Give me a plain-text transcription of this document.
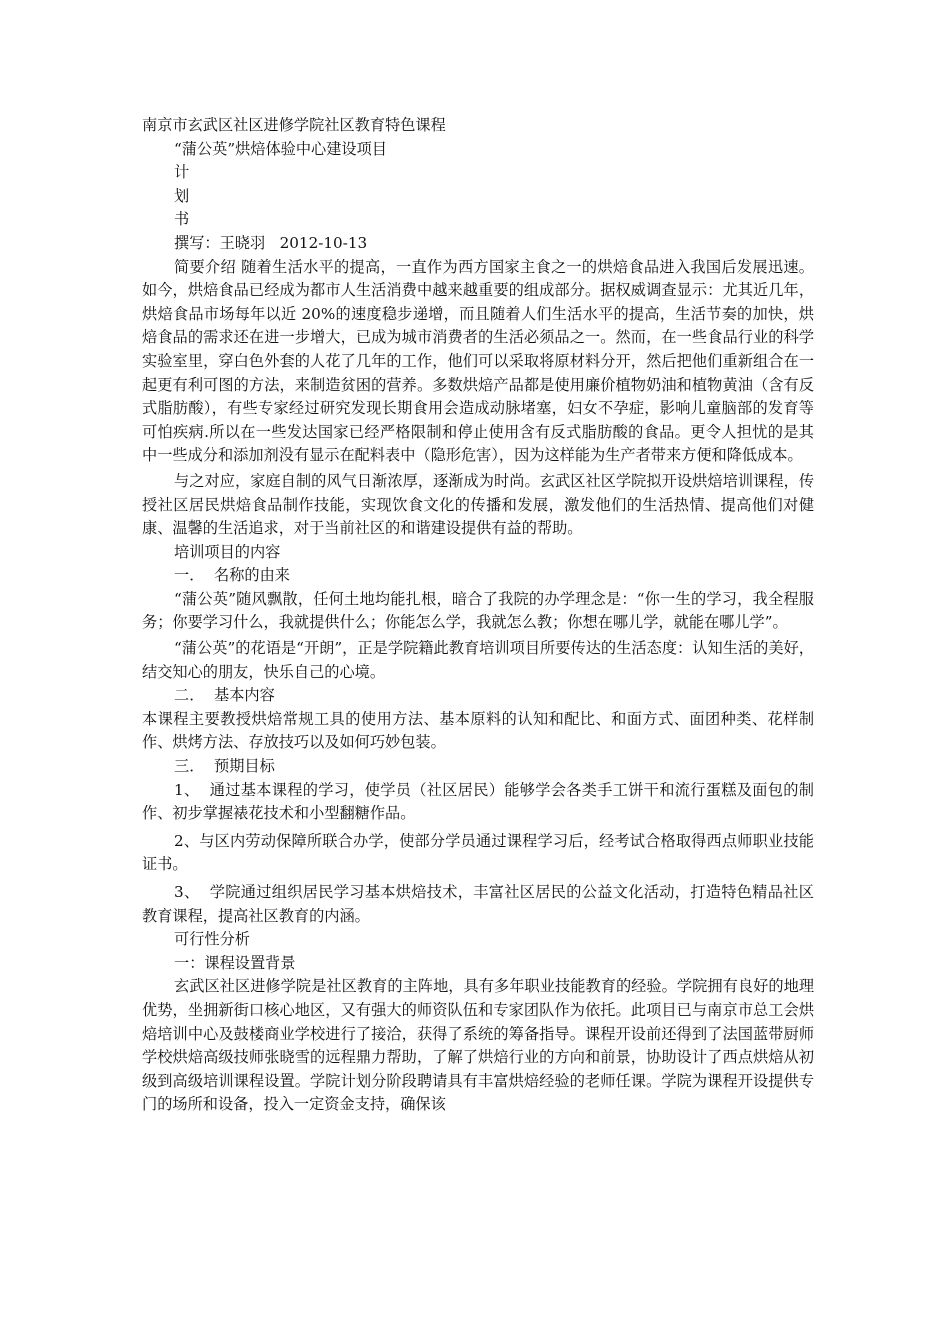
南京市玄武区社区进修学院社区教育特色课程

“蒲公英”烘焙体验中心建设项目

计

划

书

撰写：王晓羽   2012-10-13

简要介绍 随着生活水平的提高，一直作为西方国家主食之一的烘焙食品进入我国后发展迅速。如今，烘焙食品已经成为都市人生活消费中越来越重要的组成部分。据权威调查显示：尤其近几年，烘焙食品市场每年以近 20%的速度稳步递增，而且随着人们生活水平的提高，生活节奏的加快，烘焙食品的需求还在进一步增大，已成为城市消费者的生活必须品之一。然而，在一些食品行业的科学实验室里，穿白色外套的人花了几年的工作，他们可以采取将原材料分开，然后把他们重新组合在一起更有利可图的方法，来制造贫困的营养。多数烘焙产品都是使用廉价植物奶油和植物黄油（含有反式脂肪酸），有些专家经过研究发现长期食用会造成动脉堵塞，妇女不孕症，影响儿童脑部的发育等可怕疾病.所以在一些发达国家已经严格限制和停止使用含有反式脂肪酸的食品。更令人担忧的是其中一些成分和添加剂没有显示在配料表中（隐形危害），因为这样能为生产者带来方便和降低成本。

与之对应，家庭自制的风气日渐浓厚，逐渐成为时尚。玄武区社区学院拟开设烘焙培训课程，传授社区居民烘焙食品制作技能，实现饮食文化的传播和发展，激发他们的生活热情、提高他们对健康、温馨的生活追求，对于当前社区的和谐建设提供有益的帮助。

培训项目的内容

一．  名称的由来

“蒲公英”随风飘散，任何土地均能扎根，暗合了我院的办学理念是：“你一生的学习，我全程服务；你要学习什么，我就提供什么；你能怎么学，我就怎么教；你想在哪儿学，就能在哪儿学”。

“蒲公英”的花语是“开朗”，正是学院籍此教育培训项目所要传达的生活态度：认知生活的美好，结交知心的朋友，快乐自己的心境。

二．  基本内容

本课程主要教授烘焙常规工具的使用方法、基本原料的认知和配比、和面方式、面团种类、花样制作、烘烤方法、存放技巧以及如何巧妙包装。

三．  预期目标

1、  通过基本课程的学习，使学员（社区居民）能够学会各类手工饼干和流行蛋糕及面包的制作、初步掌握裱花技术和小型翻糖作品。

2、与区内劳动保障所联合办学，使部分学员通过课程学习后，经考试合格取得西点师职业技能证书。

3、  学院通过组织居民学习基本烘焙技术，丰富社区居民的公益文化活动，打造特色精品社区教育课程，提高社区教育的内涵。

可行性分析

一：课程设置背景

玄武区社区进修学院是社区教育的主阵地，具有多年职业技能教育的经验。学院拥有良好的地理优势，坐拥新街口核心地区，又有强大的师资队伍和专家团队作为依托。此项目已与南京市总工会烘焙培训中心及鼓楼商业学校进行了接洽，获得了系统的筹备指导。课程开设前还得到了法国蓝带厨师学校烘焙高级技师张晓雪的远程鼎力帮助，了解了烘焙行业的方向和前景，协助设计了西点烘焙从初级到高级培训课程设置。学院计划分阶段聘请具有丰富烘焙经验的老师任课。学院为课程开设提供专门的场所和设备，投入一定资金支持，确保该
